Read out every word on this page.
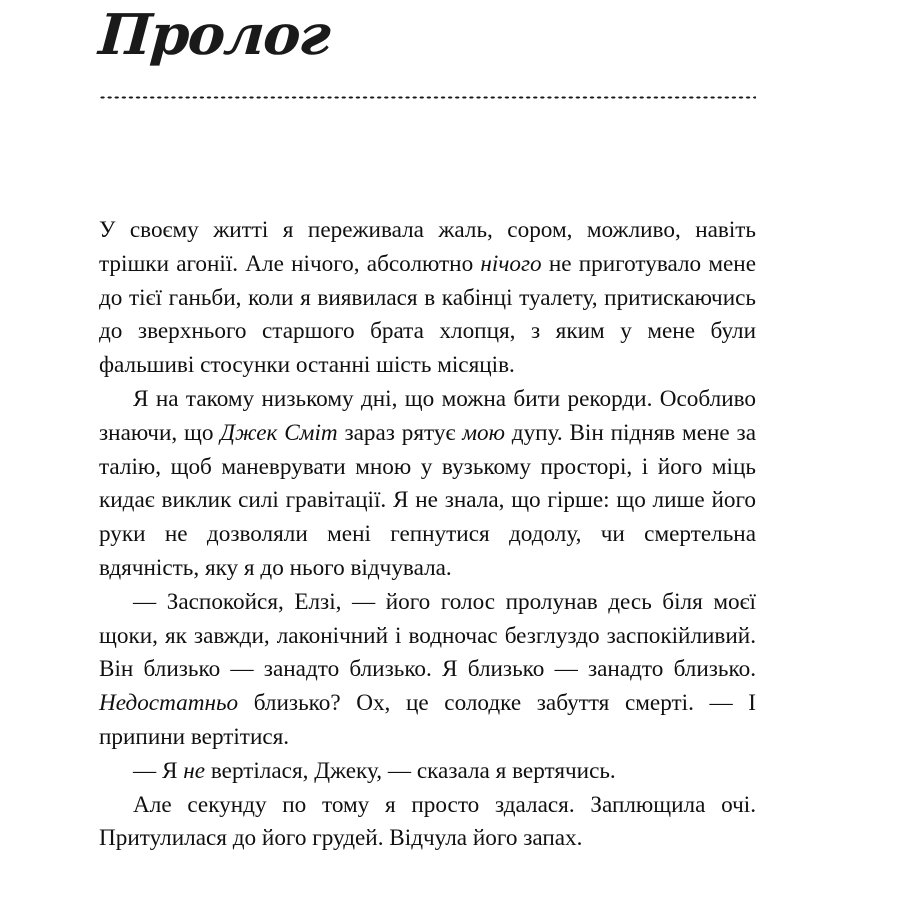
Пролог

У своєму житті я переживала жаль, сором, можливо, навіть трішки агонії. Але нічого, абсолютно нічого не приготувало мене до тієї ганьби, коли я виявилася в кабінці туалету, притискаючись до зверхнього старшого брата хлопця, з яким у мене були фальшиві стосунки останні шість місяців.

Я на такому низькому дні, що можна бити рекорди. Особливо знаючи, що Джек Сміт зараз рятує мою дупу. Він підняв мене за талію, щоб маневрувати мною у вузькому просторі, і його міць кидає виклик силі гравітації. Я не знала, що гірше: що лише його руки не дозволяли мені гепнутися додолу, чи смертельна вдячність, яку я до нього відчувала.

— Заспокойся, Елзі, — його голос пролунав десь біля моєї щоки, як завжди, лаконічний і водночас безглуздо заспокійливий. Він близько — занадто близько. Я близько — занадто близько. Недостатньо близько? Ох, це солодке забуття смерті. — І припини вертітися.

— Я не вертілася, Джеку, — сказала я вертячись.

Але секунду по тому я просто здалася. Заплющила очі. Притулилася до його грудей. Відчула його запах.
